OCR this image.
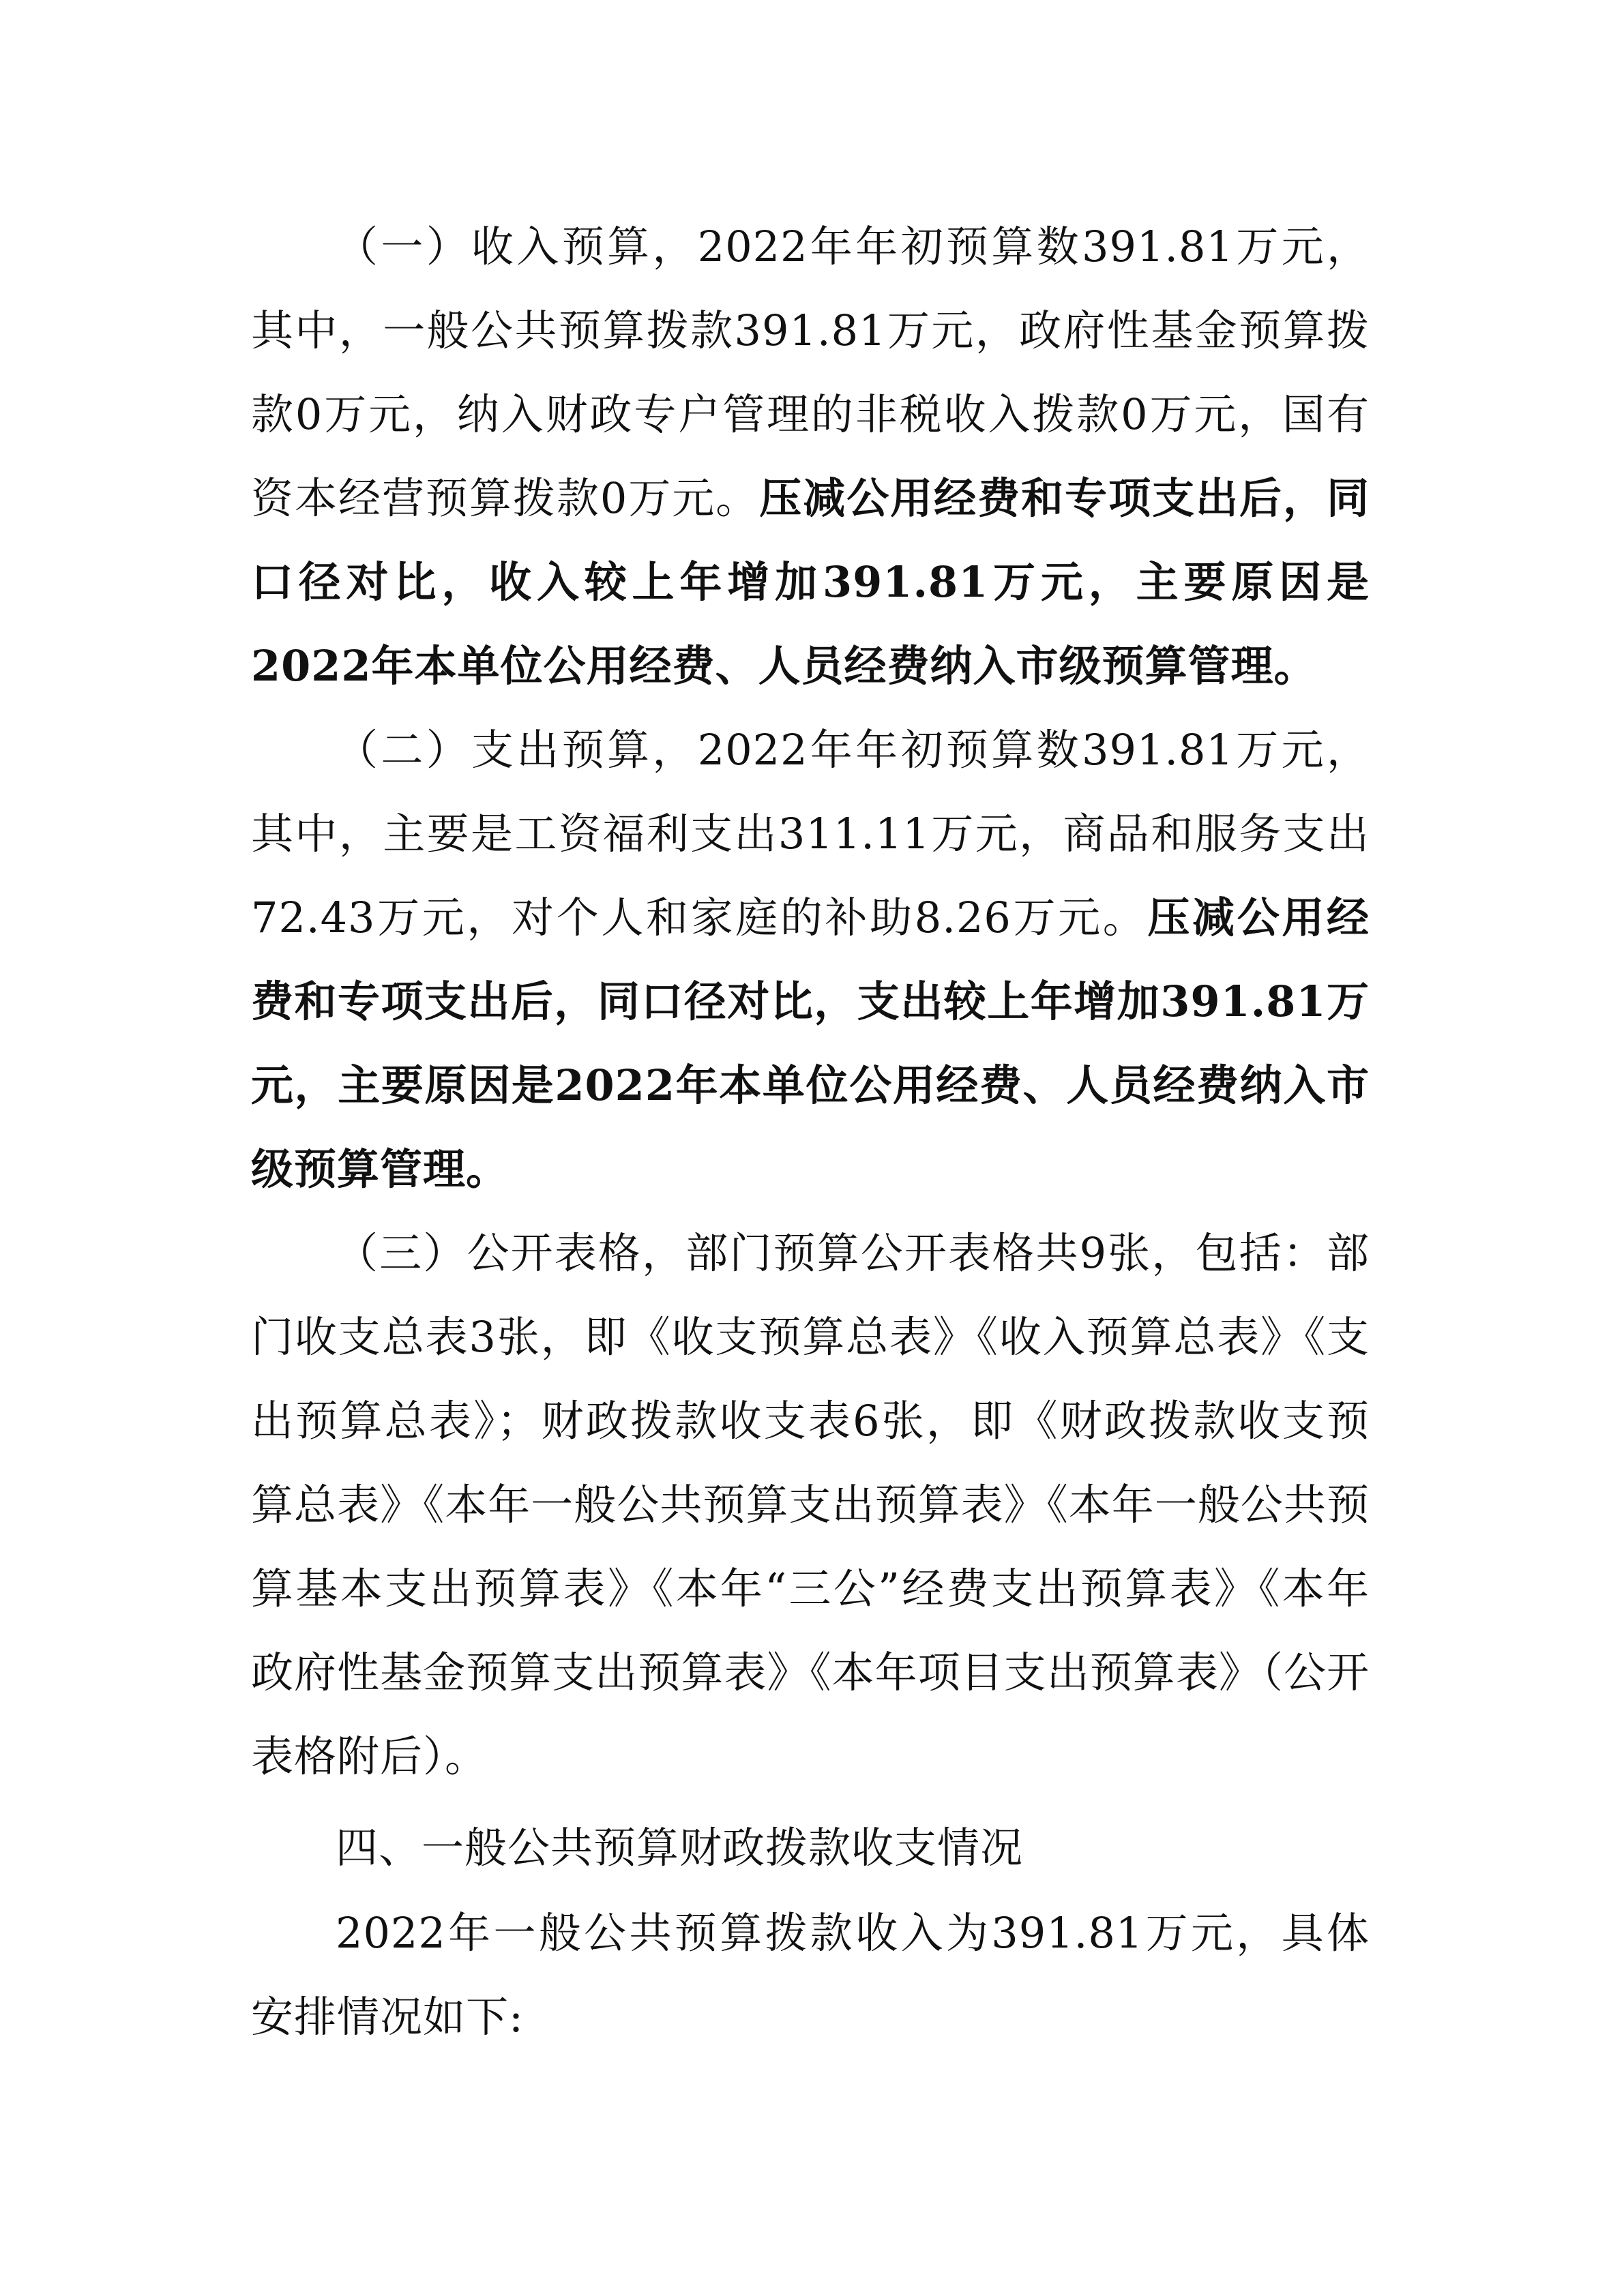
（一）收入预算，2022年年初预算数391.81万元，其中，一般公共预算拨款391.81万元，政府性基金预算拨款0万元，纳入财政专户管理的非税收入拨款0万元，国有资本经营预算拨款0万元。压减公用经费和专项支出后，同口径对比，收入较上年增加391.81万元，主要原因是2022年本单位公用经费、人员经费纳入市级预算管理。

（二）支出预算，2022年年初预算数391.81万元，其中，主要是工资福利支出311.11万元，商品和服务支出72.43万元，对个人和家庭的补助8.26万元。压减公用经费和专项支出后，同口径对比，支出较上年增加391.81万元，主要原因是2022年本单位公用经费、人员经费纳入市级预算管理。

（三）公开表格，部门预算公开表格共9张，包括：部门收支总表3张，即《收支预算总表》《收入预算总表》《支出预算总表》；财政拨款收支表6张，即《财政拨款收支预算总表》《本年一般公共预算支出预算表》《本年一般公共预算基本支出预算表》《本年“三公”经费支出预算表》《本年政府性基金预算支出预算表》《本年项目支出预算表》（公开表格附后）。

四、一般公共预算财政拨款收支情况

2022年一般公共预算拨款收入为391.81万元，具体安排情况如下:
